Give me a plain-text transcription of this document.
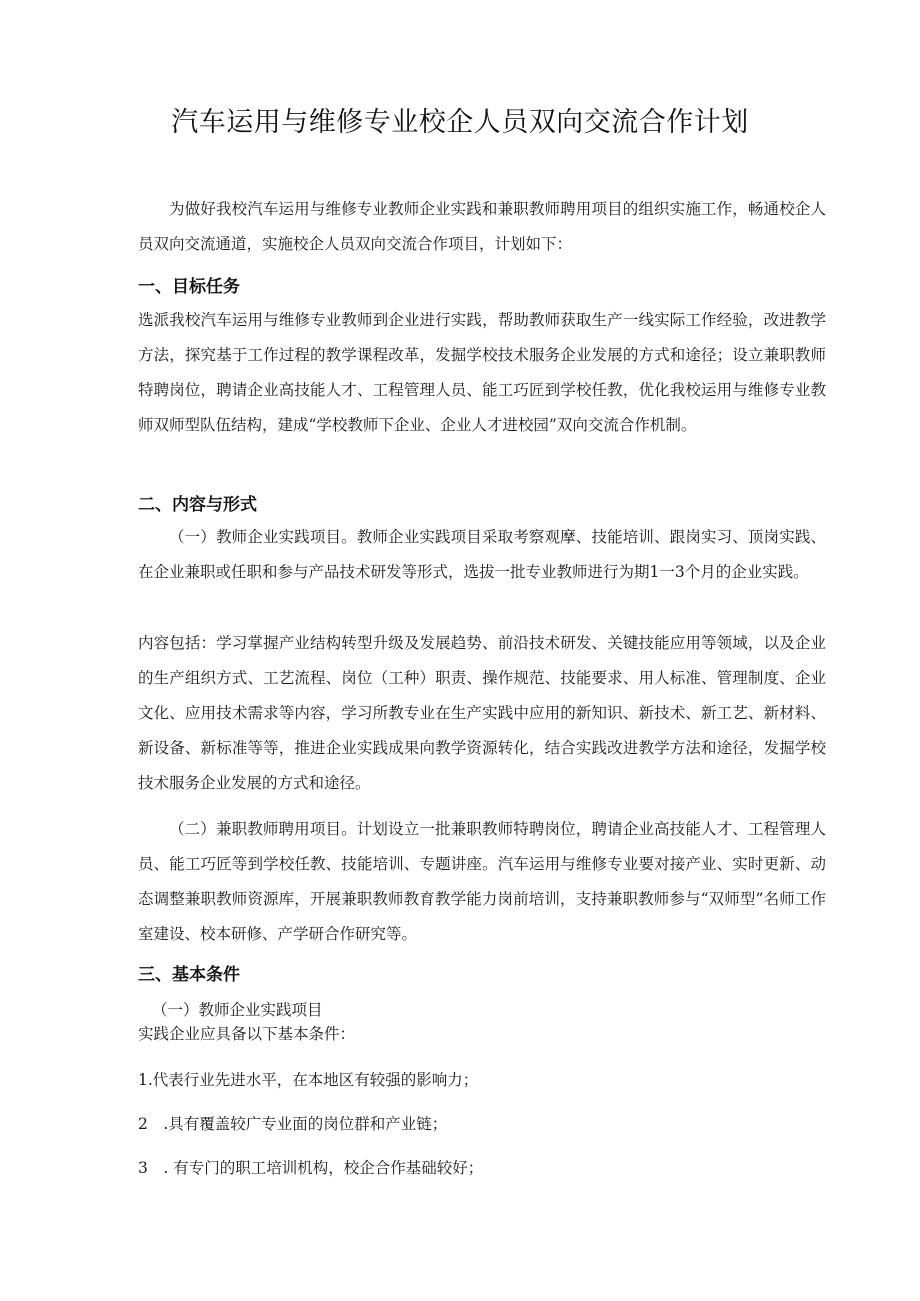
汽车运用与维修专业校企人员双向交流合作计划
为做好我校汽车运用与维修专业教师企业实践和兼职教师聘用项目的组织实施工作，畅通校企人员双向交流通道，实施校企人员双向交流合作项目，计划如下：
一、目标任务
选派我校汽车运用与维修专业教师到企业进行实践，帮助教师获取生产一线实际工作经验，改进教学方法，探究基于工作过程的教学课程改革，发掘学校技术服务企业发展的方式和途径；设立兼职教师特聘岗位，聘请企业高技能人才、工程管理人员、能工巧匠到学校任教，优化我校运用与维修专业教师双师型队伍结构，建成“学校教师下企业、企业人才进校园”双向交流合作机制。
二、内容与形式
（一）教师企业实践项目。教师企业实践项目采取考察观摩、技能培训、跟岗实习、顶岗实践、在企业兼职或任职和参与产品技术研发等形式，选拔一批专业教师进行为期1一3个月的企业实践。
内容包括：学习掌握产业结构转型升级及发展趋势、前沿技术研发、关键技能应用等领域，以及企业的生产组织方式、工艺流程、岗位（工种）职责、操作规范、技能要求、用人标准、管理制度、企业文化、应用技术需求等内容，学习所教专业在生产实践中应用的新知识、新技术、新工艺、新材料、新设备、新标准等等，推进企业实践成果向教学资源转化，结合实践改进教学方法和途径，发掘学校技术服务企业发展的方式和途径。
（二）兼职教师聘用项目。计划设立一批兼职教师特聘岗位，聘请企业高技能人才、工程管理人员、能工巧匠等到学校任教、技能培训、专题讲座。汽车运用与维修专业要对接产业、实时更新、动态调整兼职教师资源库，开展兼职教师教育教学能力岗前培训，支持兼职教师参与“双师型”名师工作室建设、校本研修、产学研合作研究等。
三、基本条件
（一）教师企业实践项目
实践企业应具备以下基本条件：
1.代表行业先进水平，在本地区有较强的影响力；
2　.具有覆盖较广专业面的岗位群和产业链；
3　. 有专门的职工培训机构，校企合作基础较好；
